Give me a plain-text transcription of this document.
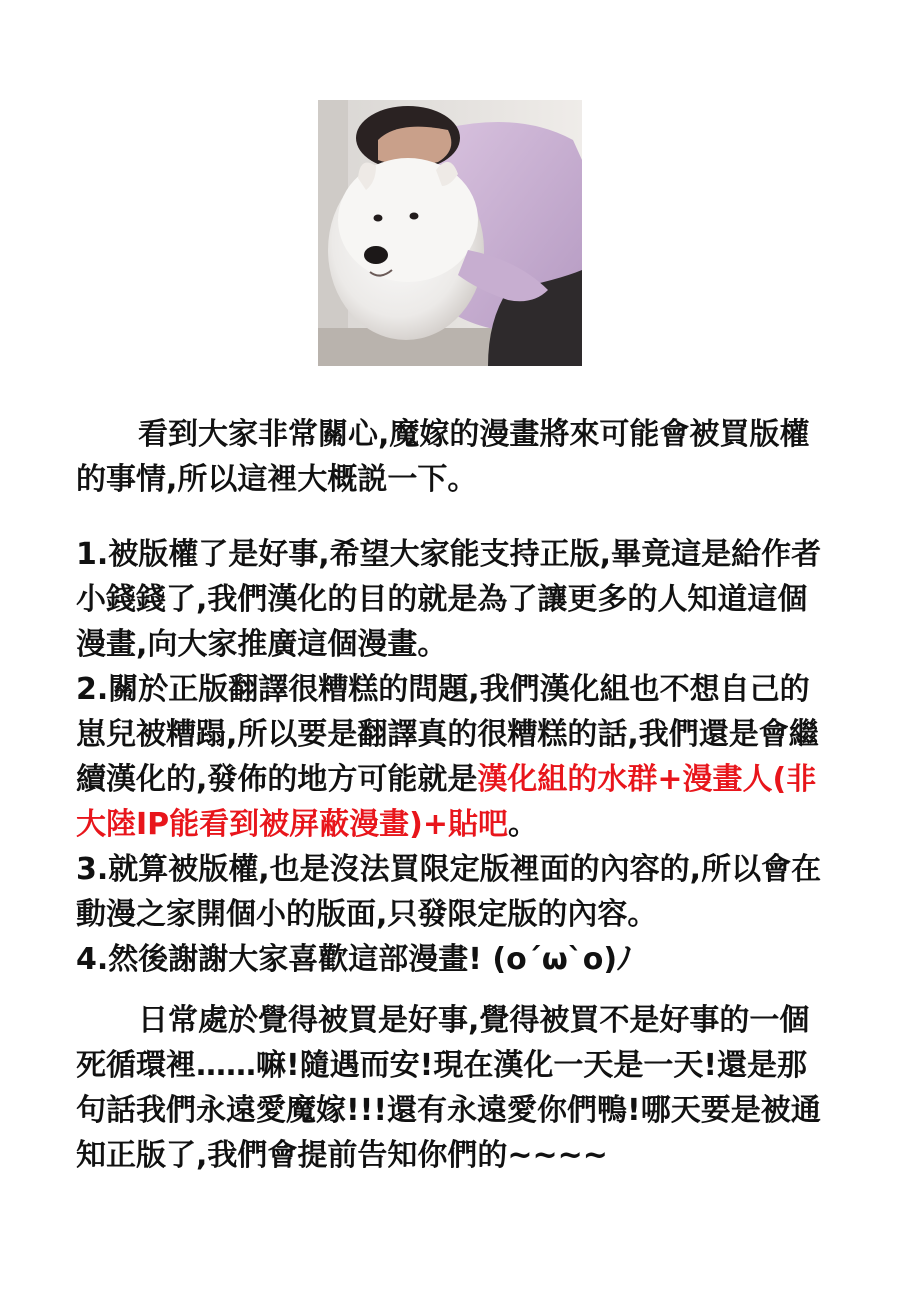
看到大家非常關心,魔嫁的漫畫將來可能會被買版權的事情,所以這裡大概説一下。

1.被版權了是好事,希望大家能支持正版,畢竟這是給作者小錢錢了,我們漢化的目的就是為了讓更多的人知道這個漫畫,向大家推廣這個漫畫。

2.關於正版翻譯很糟糕的問題,我們漢化組也不想自己的崽兒被糟蹋,所以要是翻譯真的很糟糕的話,我們還是會繼續漢化的,發佈的地方可能就是漢化組的水群+漫畫人(非大陸IP能看到被屏蔽漫畫)+貼吧。

3.就算被版權,也是沒法買限定版裡面的內容的,所以會在動漫之家開個小的版面,只發限定版的內容。

4.然後謝謝大家喜歡這部漫畫! (o´ω`o)ﾉ

日常處於覺得被買是好事,覺得被買不是好事的一個死循環裡……嘛!隨遇而安!現在漢化一天是一天!還是那句話我們永遠愛魔嫁!!!還有永遠愛你們鴨!哪天要是被通知正版了,我們會提前告知你們的~~~~
